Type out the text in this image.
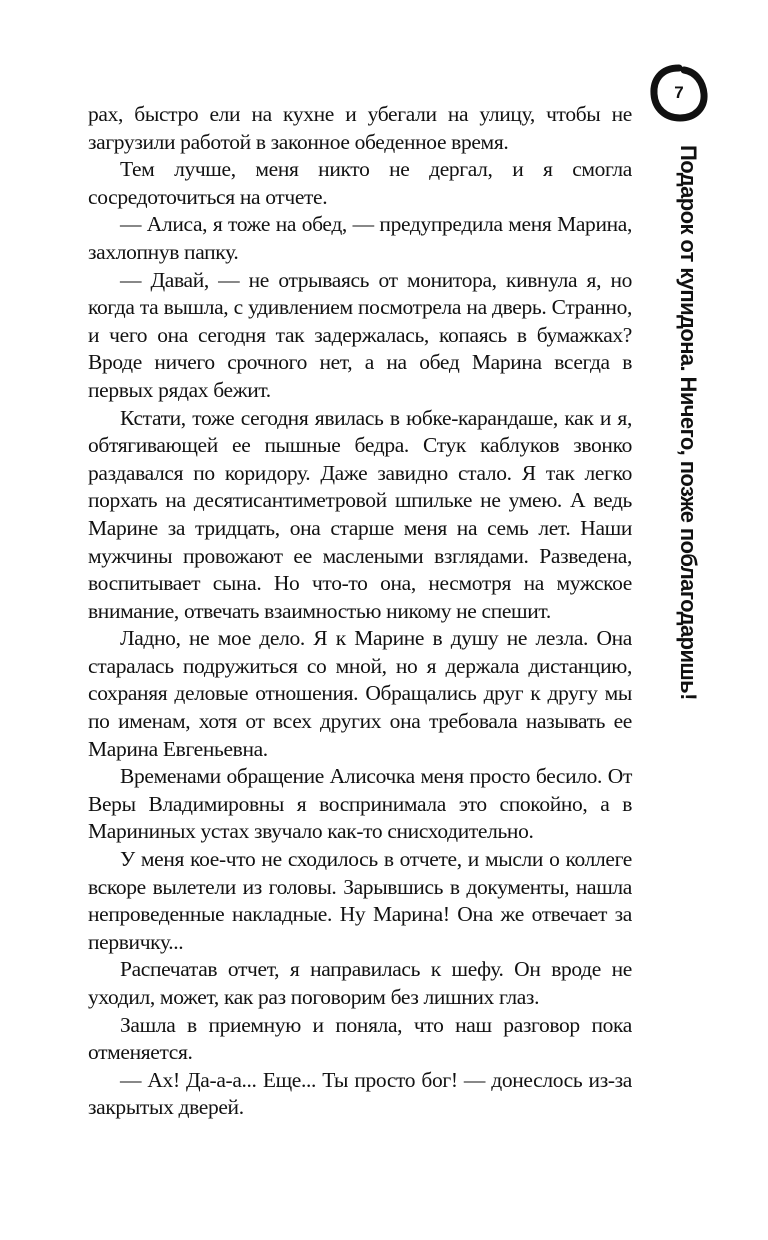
7
Подарок от купидона. Ничего, позже поблагодаришь!

рах, быстро ели на кухне и убегали на улицу, чтобы не загрузили работой в законное обеденное время.

Тем лучше, меня никто не дергал, и я смогла сосредоточиться на отчете.

— Алиса, я тоже на обед, — предупредила меня Марина, захлопнув папку.

— Давай, — не отрываясь от монитора, кивнула я, но когда та вышла, с удивлением посмотрела на дверь. Странно, и чего она сегодня так задержалась, копаясь в бумажках? Вроде ничего срочного нет, а на обед Марина всегда в первых рядах бежит.

Кстати, тоже сегодня явилась в юбке-карандаше, как и я, обтягивающей ее пышные бедра. Стук каблуков звонко раздавался по коридору. Даже завидно стало. Я так легко порхать на десятисантиметровой шпильке не умею. А ведь Марине за тридцать, она старше меня на семь лет. Наши мужчины провожают ее маслеными взглядами. Разведена, воспитывает сына. Но что-то она, несмотря на мужское внимание, отвечать взаимностью никому не спешит.

Ладно, не мое дело. Я к Марине в душу не лезла. Она старалась подружиться со мной, но я держала дистанцию, сохраняя деловые отношения. Обращались друг к другу мы по именам, хотя от всех других она требовала называть ее Марина Евгеньевна.

Временами обращение Алисочка меня просто бесило. От Веры Владимировны я воспринимала это спокойно, а в Марининых устах звучало как-то снисходительно.

У меня кое-что не сходилось в отчете, и мысли о коллеге вскоре вылетели из головы. Зарывшись в документы, нашла непроведенные накладные. Ну Марина! Она же отвечает за первичку...

Распечатав отчет, я направилась к шефу. Он вроде не уходил, может, как раз поговорим без лишних глаз.

Зашла в приемную и поняла, что наш разговор пока отменяется.

— Ах! Да-а-а... Еще... Ты просто бог! — донеслось из-за закрытых дверей.
